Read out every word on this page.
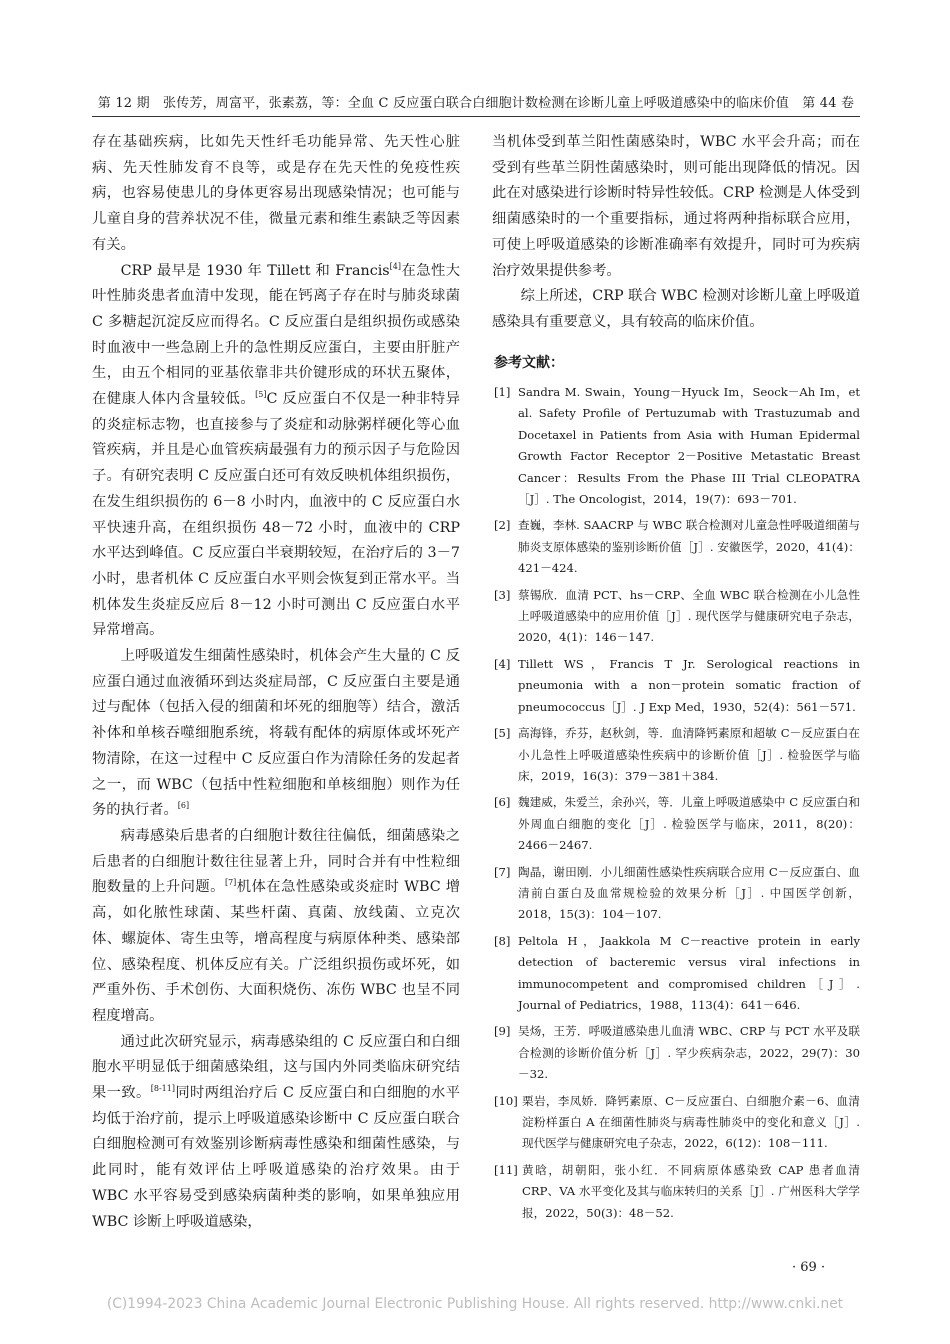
第 12 期　张传芳，周富平，张素荔，等：全血 C 反应蛋白联合白细胞计数检测在诊断儿童上呼吸道感染中的临床价值　第 44 卷

存在基础疾病，比如先天性纤毛功能异常、先天性心脏病、先天性肺发育不良等，或是存在先天性的免疫性疾病，也容易使患儿的身体更容易出现感染情况；也可能与儿童自身的营养状况不佳，微量元素和维生素缺乏等因素有关。

CRP 最早是 1930 年 Tillett 和 Francis[4]在急性大叶性肺炎患者血清中发现，能在钙离子存在时与肺炎球菌 C 多糖起沉淀反应而得名。C 反应蛋白是组织损伤或感染时血液中一些急剧上升的急性期反应蛋白，主要由肝脏产生，由五个相同的亚基依靠非共价键形成的环状五聚体，在健康人体内含量较低。[5]C 反应蛋白不仅是一种非特异的炎症标志物，也直接参与了炎症和动脉粥样硬化等心血管疾病，并且是心血管疾病最强有力的预示因子与危险因子。有研究表明 C 反应蛋白还可有效反映机体组织损伤，在发生组织损伤的 6－8 小时内，血液中的 C 反应蛋白水平快速升高，在组织损伤 48－72 小时，血液中的 CRP 水平达到峰值。C 反应蛋白半衰期较短，在治疗后的 3－7 小时，患者机体 C 反应蛋白水平则会恢复到正常水平。当机体发生炎症反应后 8－12 小时可测出 C 反应蛋白水平异常增高。

上呼吸道发生细菌性感染时，机体会产生大量的 C 反应蛋白通过血液循环到达炎症局部，C 反应蛋白主要是通过与配体（包括入侵的细菌和坏死的细胞等）结合，激活补体和单核吞噬细胞系统，将载有配体的病原体或坏死产物清除，在这一过程中 C 反应蛋白作为清除任务的发起者之一，而 WBC（包括中性粒细胞和单核细胞）则作为任务的执行者。[6]

病毒感染后患者的白细胞计数往往偏低，细菌感染之后患者的白细胞计数往往显著上升，同时合并有中性粒细胞数量的上升问题。[7]机体在急性感染或炎症时 WBC 增高，如化脓性球菌、某些杆菌、真菌、放线菌、立克次体、螺旋体、寄生虫等，增高程度与病原体种类、感染部位、感染程度、机体反应有关。广泛组织损伤或坏死，如严重外伤、手术创伤、大面积烧伤、冻伤 WBC 也呈不同程度增高。

通过此次研究显示，病毒感染组的 C 反应蛋白和白细胞水平明显低于细菌感染组，这与国内外同类临床研究结果一致。[8-11]同时两组治疗后 C 反应蛋白和白细胞的水平均低于治疗前，提示上呼吸道感染诊断中 C 反应蛋白联合白细胞检测可有效鉴别诊断病毒性感染和细菌性感染，与此同时，能有效评估上呼吸道感染的治疗效果。由于 WBC 水平容易受到感染病菌种类的影响，如果单独应用 WBC 诊断上呼吸道感染，

当机体受到革兰阳性菌感染时，WBC 水平会升高；而在受到有些革兰阴性菌感染时，则可能出现降低的情况。因此在对感染进行诊断时特异性较低。CRP 检测是人体受到细菌感染时的一个重要指标，通过将两种指标联合应用，可使上呼吸道感染的诊断准确率有效提升，同时可为疾病治疗效果提供参考。

综上所述，CRP 联合 WBC 检测对诊断儿童上呼吸道感染具有重要意义，具有较高的临床价值。

参考文献：
[1] Sandra M. Swain，Young－Hyuck Im，Seock－Ah Im，et al. Safety Profile of Pertuzumab with Trastuzumab and Docetaxel in Patients from Asia with Human Epidermal Growth Factor Receptor 2－Positive Metastatic Breast Cancer：Results From the Phase III Trial CLEOPATRA［J］. The Oncologist，2014，19(7)：693－701.
[2] 查巍，李林. SAACRP 与 WBC 联合检测对儿童急性呼吸道细菌与肺炎支原体感染的鉴别诊断价值［J］. 安徽医学，2020，41(4)：421－424.
[3] 蔡锡欣．血清 PCT、hs－CRP、全血 WBC 联合检测在小儿急性上呼吸道感染中的应用价值［J］. 现代医学与健康研究电子杂志，2020，4(1)：146－147.
[4] Tillett WS，Francis T Jr. Serological reactions in pneumonia with a non－protein somatic fraction of pneumococcus［J］. J Exp Med，1930，52(4)：561－571.
[5] 高海锋，乔芬，赵秋剑，等．血清降钙素原和超敏 C－反应蛋白在小儿急性上呼吸道感染性疾病中的诊断价值［J］. 检验医学与临床，2019，16(3)：379－381＋384.
[6] 魏建威，朱爱兰，余孙兴，等．儿童上呼吸道感染中 C 反应蛋白和外周血白细胞的变化［J］. 检验医学与临床，2011，8(20)：2466－2467.
[7] 陶晶，谢田刚．小儿细菌性感染性疾病联合应用 C－反应蛋白、血清前白蛋白及血常规检验的效果分析［J］. 中国医学创新，2018，15(3)：104－107.
[8] Peltola H，Jaakkola M C－reactive protein in early detection of bacteremic versus viral infections in immunocompetent and compromised children［J］. Journal of Pediatrics，1988，113(4)：641－646.
[9] 吴炀，王芳．呼吸道感染患儿血清 WBC、CRP 与 PCT 水平及联合检测的诊断价值分析［J］. 罕少疾病杂志，2022，29(7)：30－32.
[10] 栗岩，李凤娇．降钙素原、C－反应蛋白、白细胞介素－6、血清淀粉样蛋白 A 在细菌性肺炎与病毒性肺炎中的变化和意义［J］. 现代医学与健康研究电子杂志，2022，6(12)：108－111.
[11] 黄晗，胡朝阳，张小红．不同病原体感染致 CAP 患者血清 CRP、VA 水平变化及其与临床转归的关系［J］. 广州医科大学学报，2022，50(3)：48－52.
· 69 ·
(C)1994-2023 China Academic Journal Electronic Publishing House. All rights reserved. http://www.cnki.net
